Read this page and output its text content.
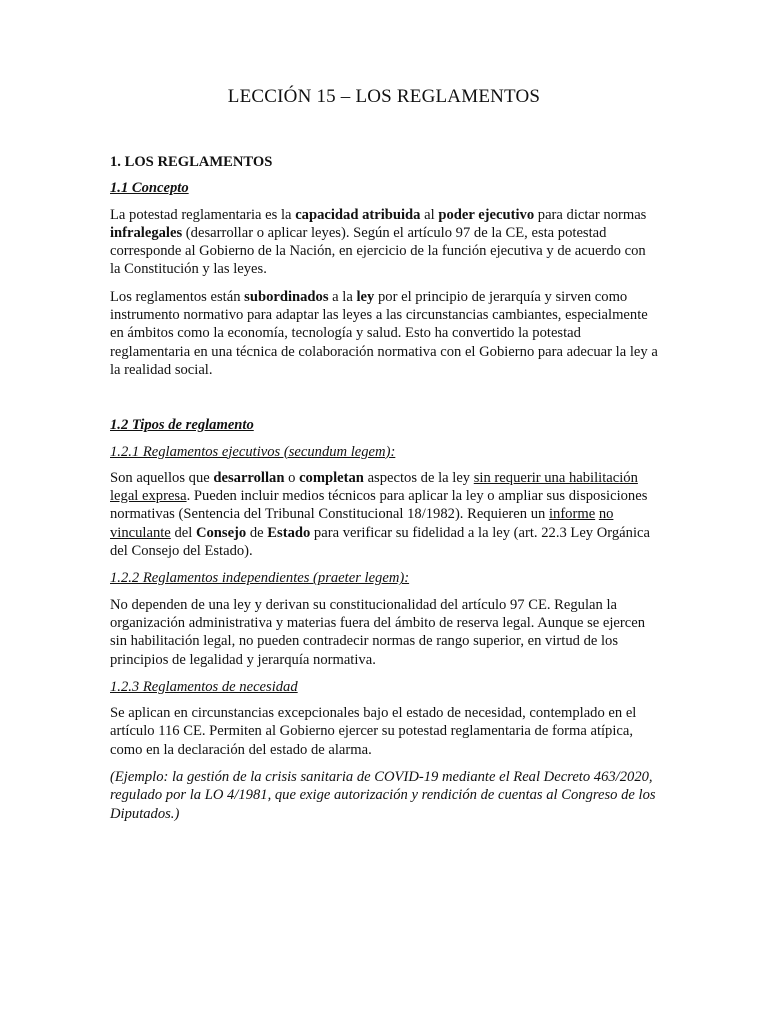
LECCIÓN 15 – LOS REGLAMENTOS

1. LOS REGLAMENTOS

1.1 Concepto

La potestad reglamentaria es la capacidad atribuida al poder ejecutivo para dictar normas infralegales (desarrollar o aplicar leyes). Según el artículo 97 de la CE, esta potestad corresponde al Gobierno de la Nación, en ejercicio de la función ejecutiva y de acuerdo con la Constitución y las leyes.

Los reglamentos están subordinados a la ley por el principio de jerarquía y sirven como instrumento normativo para adaptar las leyes a las circunstancias cambiantes, especialmente en ámbitos como la economía, tecnología y salud. Esto ha convertido la potestad reglamentaria en una técnica de colaboración normativa con el Gobierno para adecuar la ley a la realidad social.

1.2 Tipos de reglamento

1.2.1 Reglamentos ejecutivos (secundum legem):

Son aquellos que desarrollan o completan aspectos de la ley sin requerir una habilitación legal expresa. Pueden incluir medios técnicos para aplicar la ley o ampliar sus disposiciones normativas (Sentencia del Tribunal Constitucional 18/1982). Requieren un informe no vinculante del Consejo de Estado para verificar su fidelidad a la ley (art. 22.3 Ley Orgánica del Consejo del Estado).

1.2.2 Reglamentos independientes (praeter legem):

No dependen de una ley y derivan su constitucionalidad del artículo 97 CE. Regulan la organización administrativa y materias fuera del ámbito de reserva legal. Aunque se ejercen sin habilitación legal, no pueden contradecir normas de rango superior, en virtud de los principios de legalidad y jerarquía normativa.

1.2.3 Reglamentos de necesidad

Se aplican en circunstancias excepcionales bajo el estado de necesidad, contemplado en el artículo 116 CE. Permiten al Gobierno ejercer su potestad reglamentaria de forma atípica, como en la declaración del estado de alarma.

(Ejemplo: la gestión de la crisis sanitaria de COVID-19 mediante el Real Decreto 463/2020, regulado por la LO 4/1981, que exige autorización y rendición de cuentas al Congreso de los Diputados.)
